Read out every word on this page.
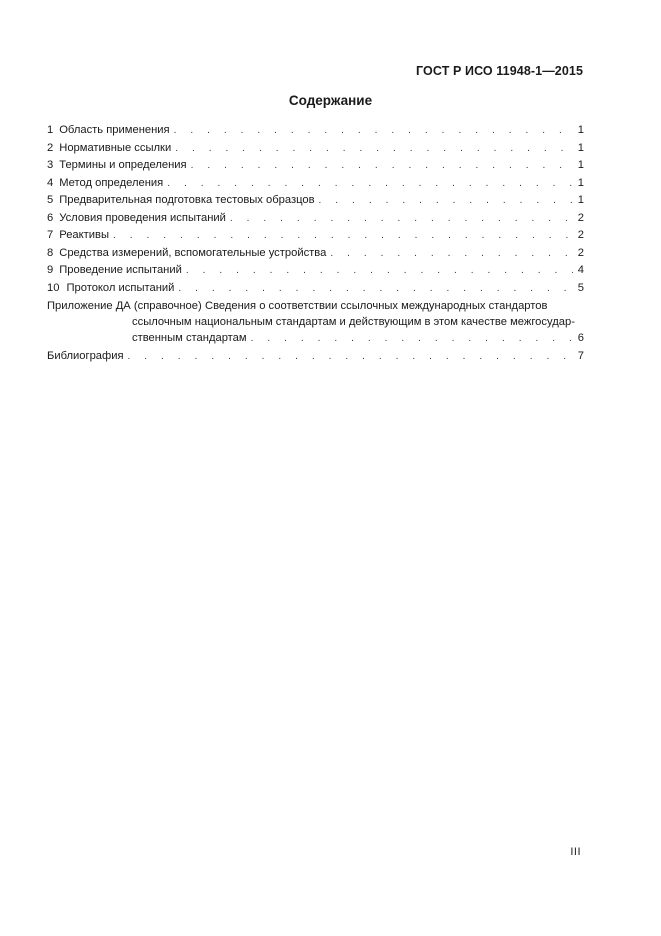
ГОСТ Р ИСО 11948-1—2015
Содержание
1 Область применения . . .	1
2 Нормативные ссылки . . .	1
3 Термины и определения . . .	1
4 Метод определения . . .	1
5 Предварительная подготовка тестовых образцов . . .	1
6 Условия проведения испытаний . . .	2
7 Реактивы . . .	2
8 Средства измерений, вспомогательные устройства . . .	2
9 Проведение испытаний . . .	4
10 Протокол испытаний . . .	5
Приложение ДА (справочное) Сведения о соответствии ссылочных международных стандартов
ссылочным национальным стандартам и действующим в этом качестве межгосудар-
ственным стандартам . . .	6
Библиография . . .	7
III
